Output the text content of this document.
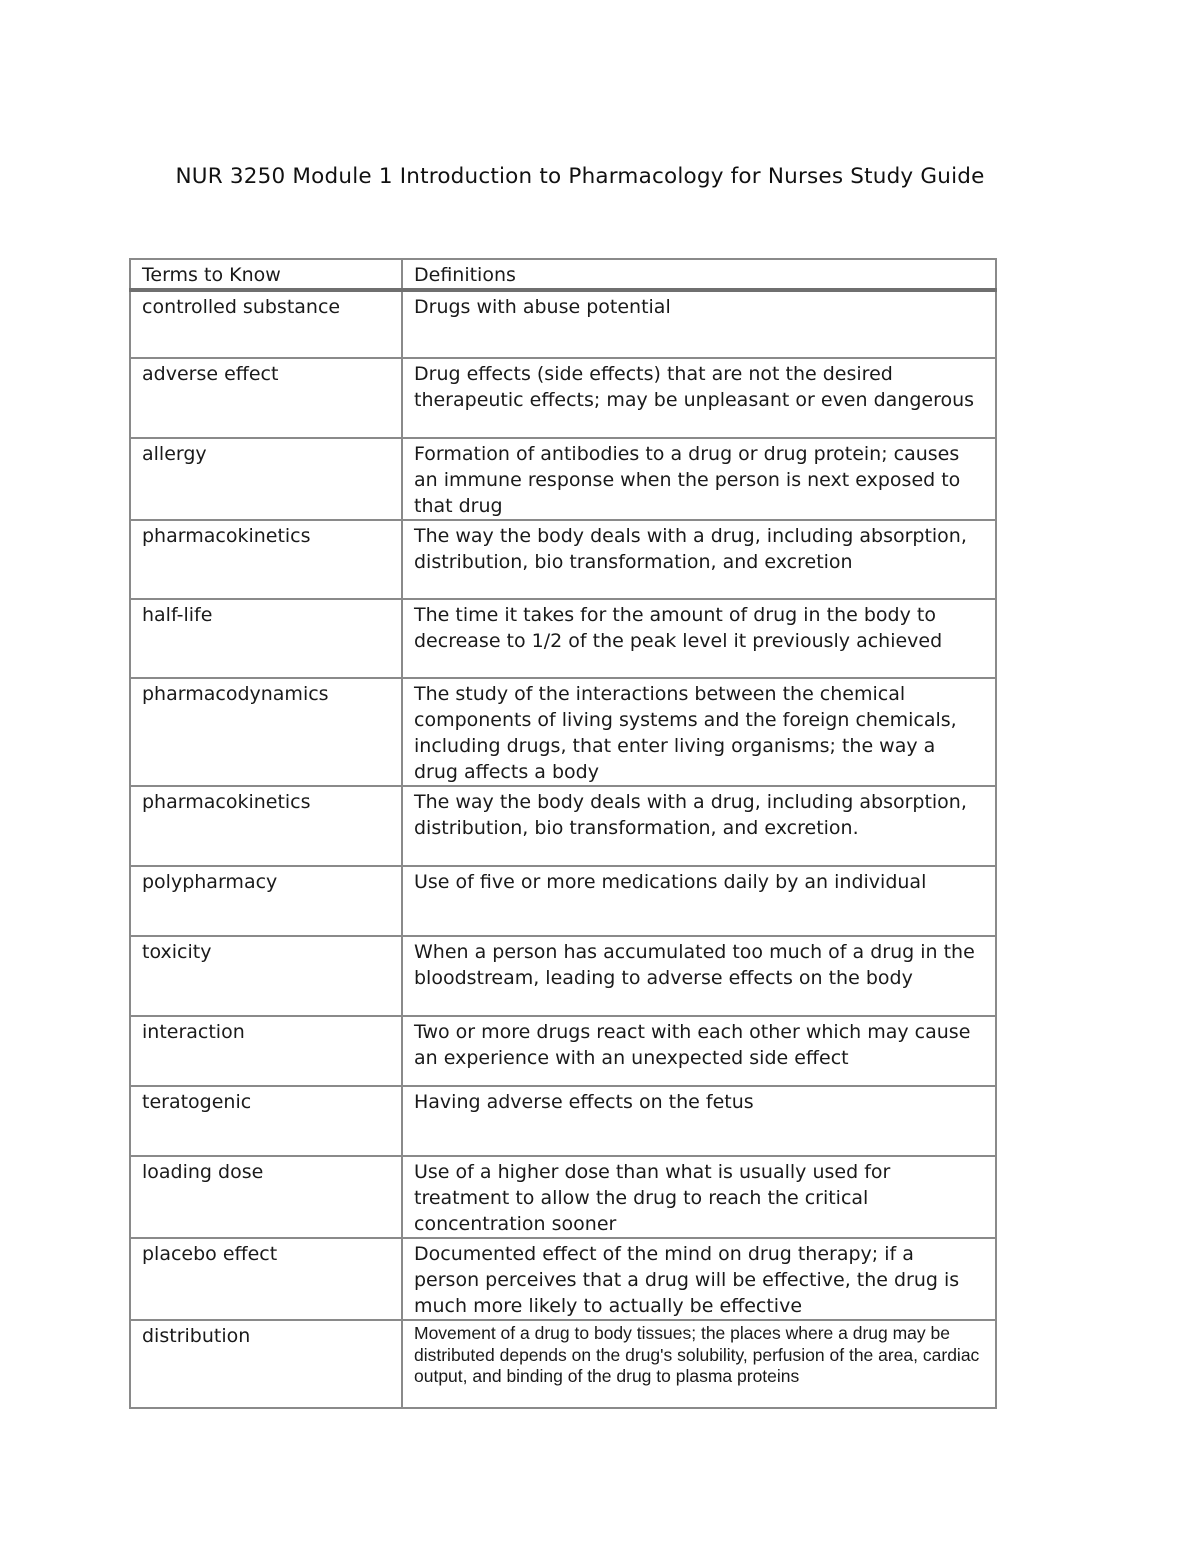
NUR 3250 Module 1 Introduction to Pharmacology for Nurses Study Guide
Terms to Know	Definitions
controlled substance	Drugs with abuse potential
adverse effect	Drug effects (side effects) that are not the desired therapeutic effects; may be unpleasant or even dangerous
allergy	Formation of antibodies to a drug or drug protein; causes an immune response when the person is next exposed to that drug
pharmacokinetics	The way the body deals with a drug, including absorption, distribution, bio transformation, and excretion
half-life	The time it takes for the amount of drug in the body to decrease to 1/2 of the peak level it previously achieved
pharmacodynamics	The study of the interactions between the chemical components of living systems and the foreign chemicals, including drugs, that enter living organisms; the way a drug affects a body
pharmacokinetics	The way the body deals with a drug, including absorption, distribution, bio transformation, and excretion.
polypharmacy	Use of five or more medications daily by an individual
toxicity	When a person has accumulated too much of a drug in the bloodstream, leading to adverse effects on the body
interaction	Two or more drugs react with each other which may cause an experience with an unexpected side effect
teratogenic	Having adverse effects on the fetus
loading dose	Use of a higher dose than what is usually used for treatment to allow the drug to reach the critical concentration sooner
placebo effect	Documented effect of the mind on drug therapy; if a person perceives that a drug will be effective, the drug is much more likely to actually be effective
distribution	Movement of a drug to body tissues; the places where a drug may be distributed depends on the drug's solubility, perfusion of the area, cardiac output, and binding of the drug to plasma proteins
